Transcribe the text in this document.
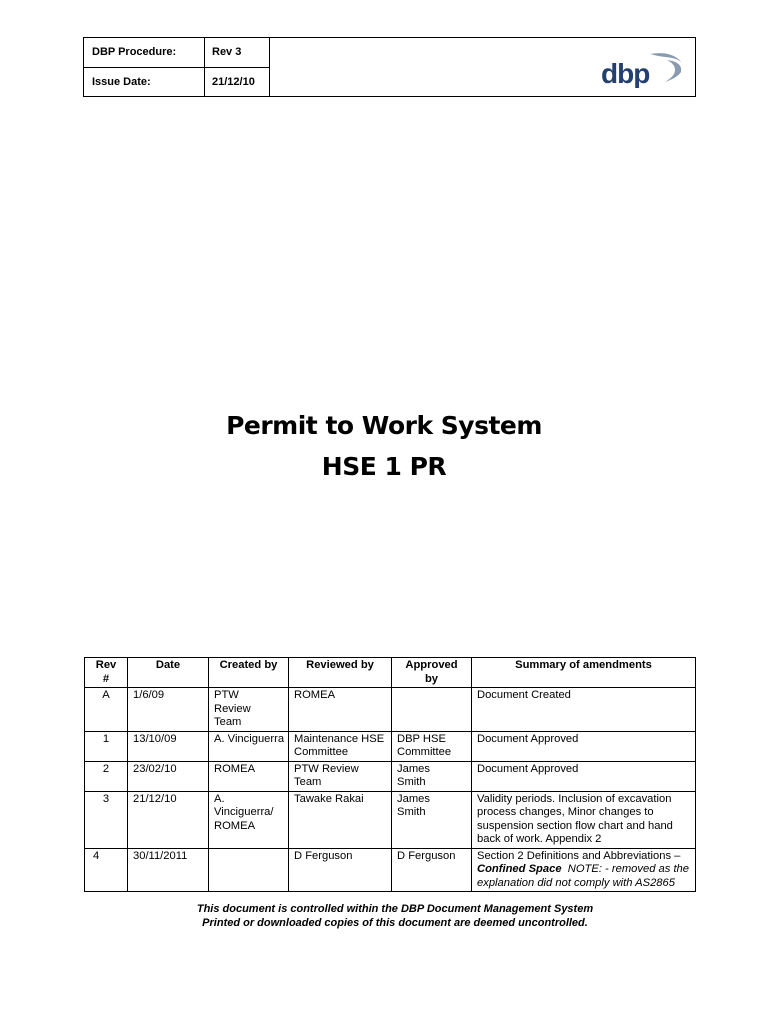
DBP Procedure:	Rev 3
Issue Date:	21/12/10	dbp
Permit to Work System
HSE 1 PR
Rev #	Date	Created by	Reviewed by	Approved by	Summary of amendments
A	1/6/09	PTW Review Team	ROMEA		Document Created
1	13/10/09	A. Vinciguerra	Maintenance HSE Committee	DBP HSE Committee	Document Approved
2	23/02/10	ROMEA	PTW Review Team	James Smith	Document Approved
3	21/12/10	A. Vinciguerra/ ROMEA	Tawake Rakai	James Smith	Validity periods. Inclusion of excavation process changes, Minor changes to suspension section flow chart and hand back of work. Appendix 2
4	30/11/2011		D Ferguson	D Ferguson	Section 2 Definitions and Abbreviations – Confined Space  NOTE: - removed as the explanation did not comply with AS2865
This document is controlled within the DBP Document Management System
Printed or downloaded copies of this document are deemed uncontrolled.
